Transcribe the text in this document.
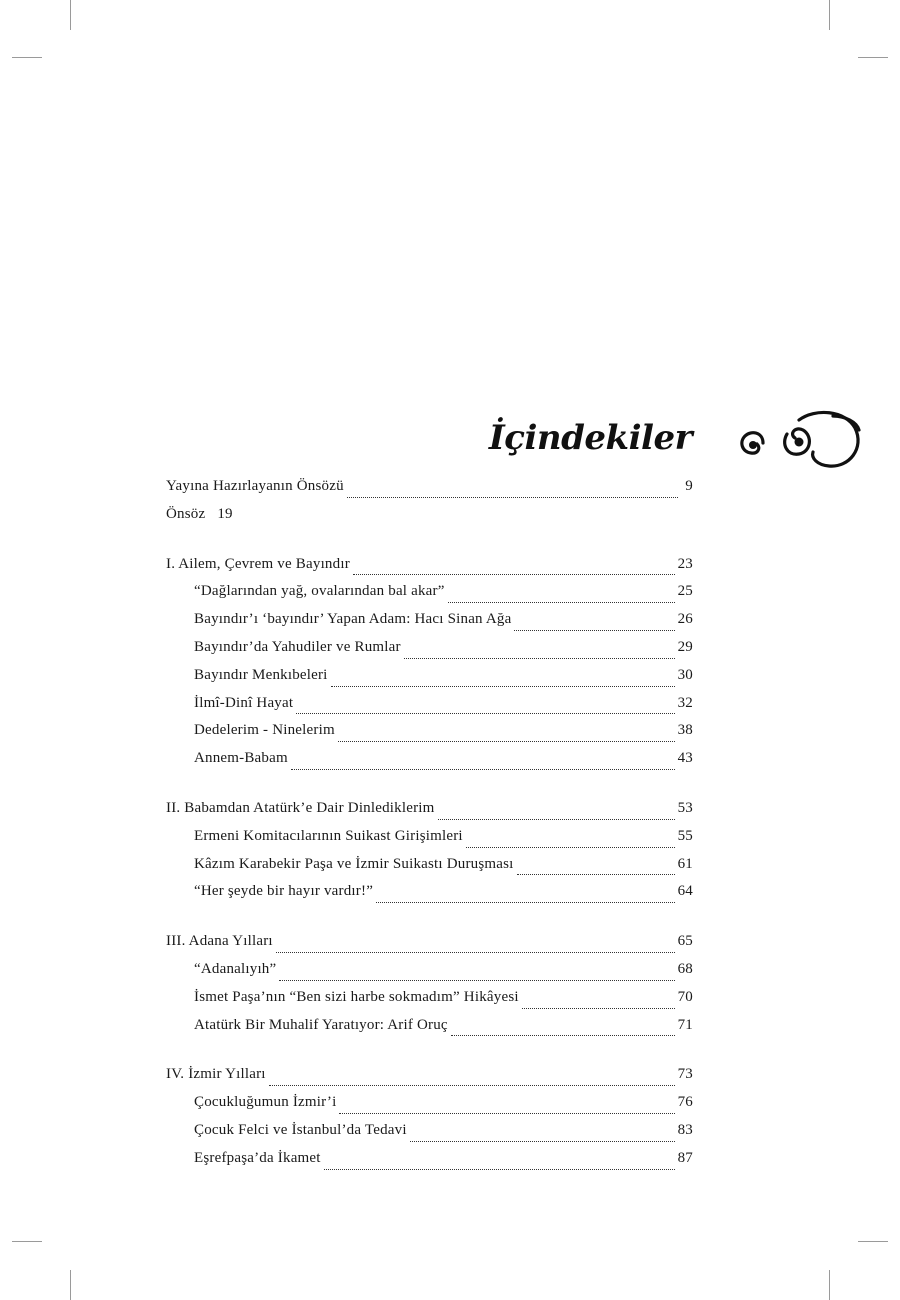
İçindekiler
Yayına Hazırlayanın Önsözü	9
Önsöz 19
I. Ailem, Çevrem ve Bayındır	23
“Dağlarından yağ, ovalarından bal akar”	25
Bayındır’ı ‘bayındır’ Yapan Adam: Hacı Sinan Ağa	26
Bayındır’da Yahudiler ve Rumlar	29
Bayındır Menkıbeleri	30
İlmî-Dinî Hayat	32
Dedelerim - Ninelerim	38
Annem-Babam	43
II. Babamdan Atatürk’e Dair Dinlediklerim	53
Ermeni Komitacılarının Suikast Girişimleri	55
Kâzım Karabekir Paşa ve İzmir Suikastı Duruşması	61
“Her şeyde bir hayır vardır!”	64
III. Adana Yılları	65
“Adanalıyıh”	68
İsmet Paşa’nın “Ben sizi harbe sokmadım” Hikâyesi	70
Atatürk Bir Muhalif Yaratıyor: Arif Oruç	71
IV. İzmir Yılları	73
Çocukluğumun İzmir’i	76
Çocuk Felci ve İstanbul’da Tedavi	83
Eşrefpaşa’da İkamet	87
